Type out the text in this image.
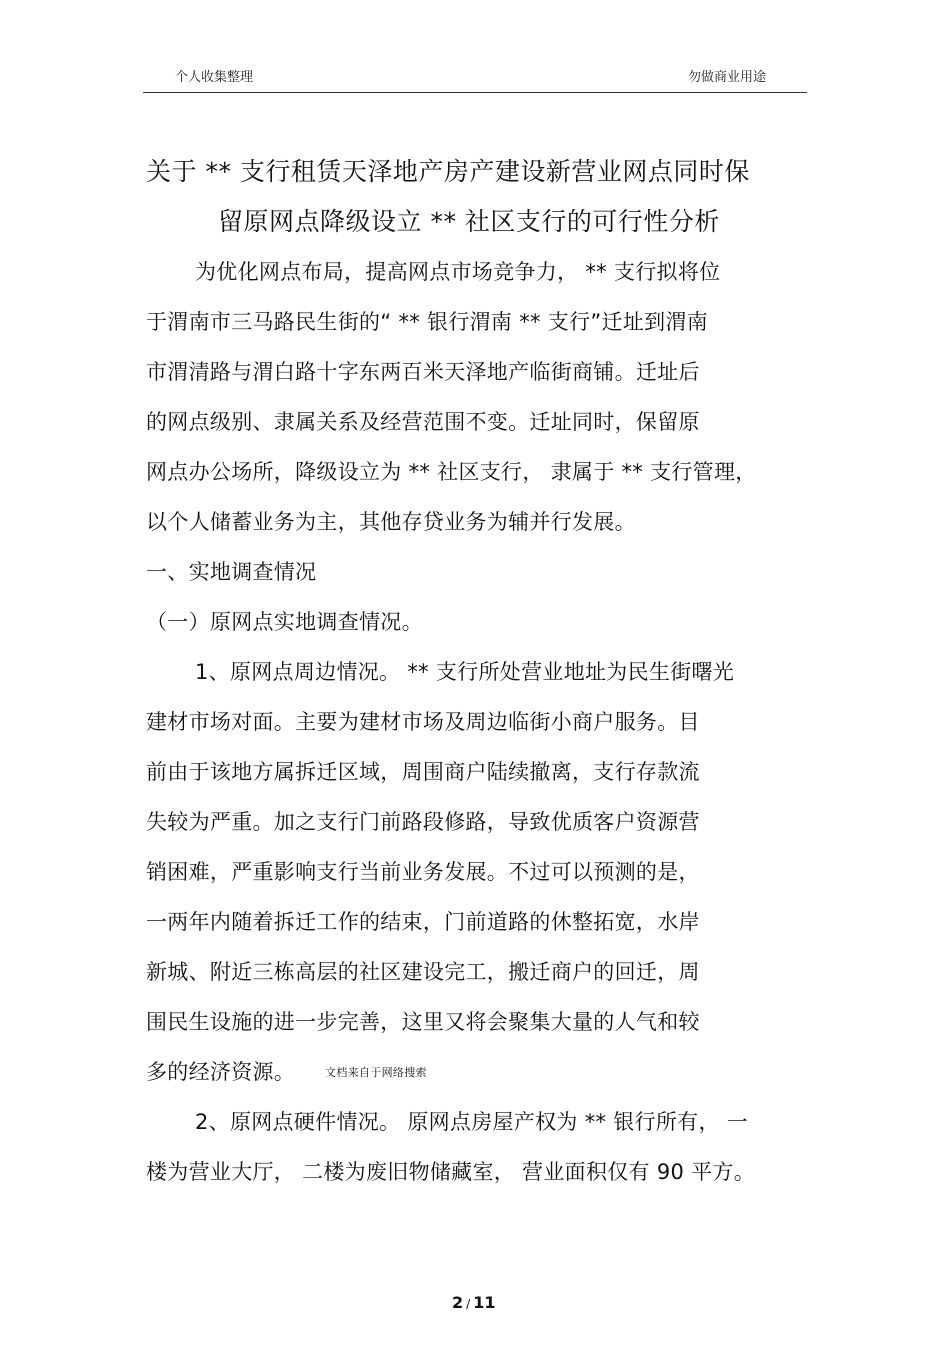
个人收集整理	勿做商业用途
关于 ** 支行租赁天泽地产房产建设新营业网点同时保
留原网点降级设立 ** 社区支行的可行性分析
为优化网点布局，提高网点市场竞争力， ** 支行拟将位
于渭南市三马路民生街的“ ** 银行渭南 ** 支行”迁址到渭南
市渭清路与渭白路十字东两百米天泽地产临街商铺。迁址后
的网点级别、隶属关系及经营范围不变。迁址同时，保留原
网点办公场所，降级设立为 ** 社区支行， 隶属于 ** 支行管理，
以个人储蓄业务为主，其他存贷业务为辅并行发展。
一、实地调查情况
（一）原网点实地调查情况。
1、原网点周边情况。 ** 支行所处营业地址为民生街曙光
建材市场对面。主要为建材市场及周边临街小商户服务。目
前由于该地方属拆迁区域，周围商户陆续撤离，支行存款流
失较为严重。加之支行门前路段修路，导致优质客户资源营
销困难，严重影响支行当前业务发展。不过可以预测的是，
一两年内随着拆迁工作的结束，门前道路的休整拓宽，水岸
新城、附近三栋高层的社区建设完工，搬迁商户的回迁，周
围民生设施的进一步完善，这里又将会聚集大量的人气和较
多的经济资源。	文档来自于网络搜索
2、原网点硬件情况。 原网点房屋产权为 ** 银行所有， 一
楼为营业大厅， 二楼为废旧物储藏室， 营业面积仅有 90 平方。
2 / 11
